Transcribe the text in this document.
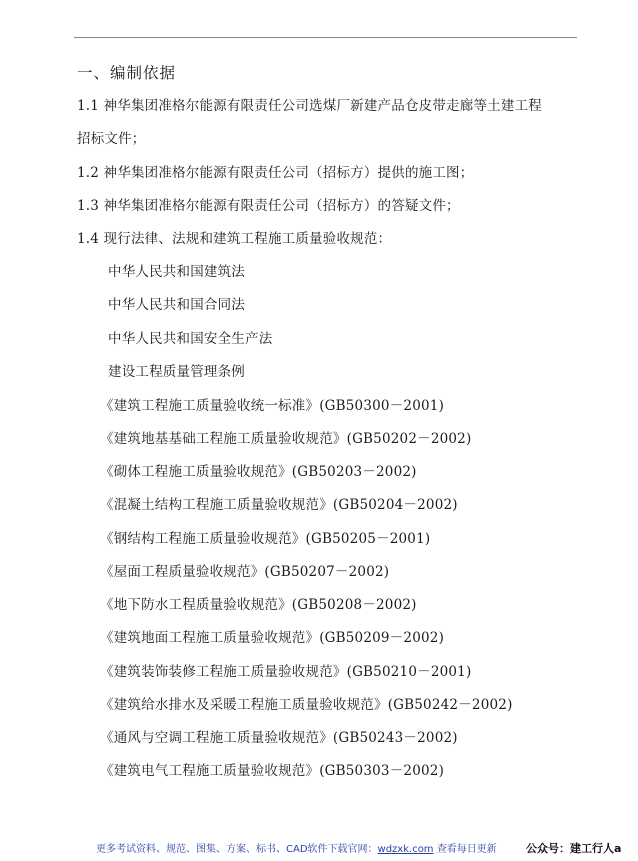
一、编制依据
1.1 神华集团准格尔能源有限责任公司选煤厂新建产品仓皮带走廊等土建工程
招标文件；
1.2 神华集团准格尔能源有限责任公司（招标方）提供的施工图；
1.3 神华集团准格尔能源有限责任公司（招标方）的答疑文件；
1.4 现行法律、法规和建筑工程施工质量验收规范：
中华人民共和国建筑法
中华人民共和国合同法
中华人民共和国安全生产法
建设工程质量管理条例
《建筑工程施工质量验收统一标准》(GB50300－2001)
《建筑地基基础工程施工质量验收规范》(GB50202－2002)
《砌体工程施工质量验收规范》(GB50203－2002)
《混凝土结构工程施工质量验收规范》(GB50204－2002)
《钢结构工程施工质量验收规范》(GB50205－2001)
《屋面工程质量验收规范》(GB50207－2002)
《地下防水工程质量验收规范》(GB50208－2002)
《建筑地面工程施工质量验收规范》(GB50209－2002)
《建筑装饰装修工程施工质量验收规范》(GB50210－2001)
《建筑给水排水及采暖工程施工质量验收规范》(GB50242－2002)
《通风与空调工程施工质量验收规范》(GB50243－2002)
《建筑电气工程施工质量验收规范》(GB50303－2002)
更多考试资料、规范、图集、方案、标书、CAD软件下载官网：wdzxk.com 查看每日更新	公众号：建工行人a
